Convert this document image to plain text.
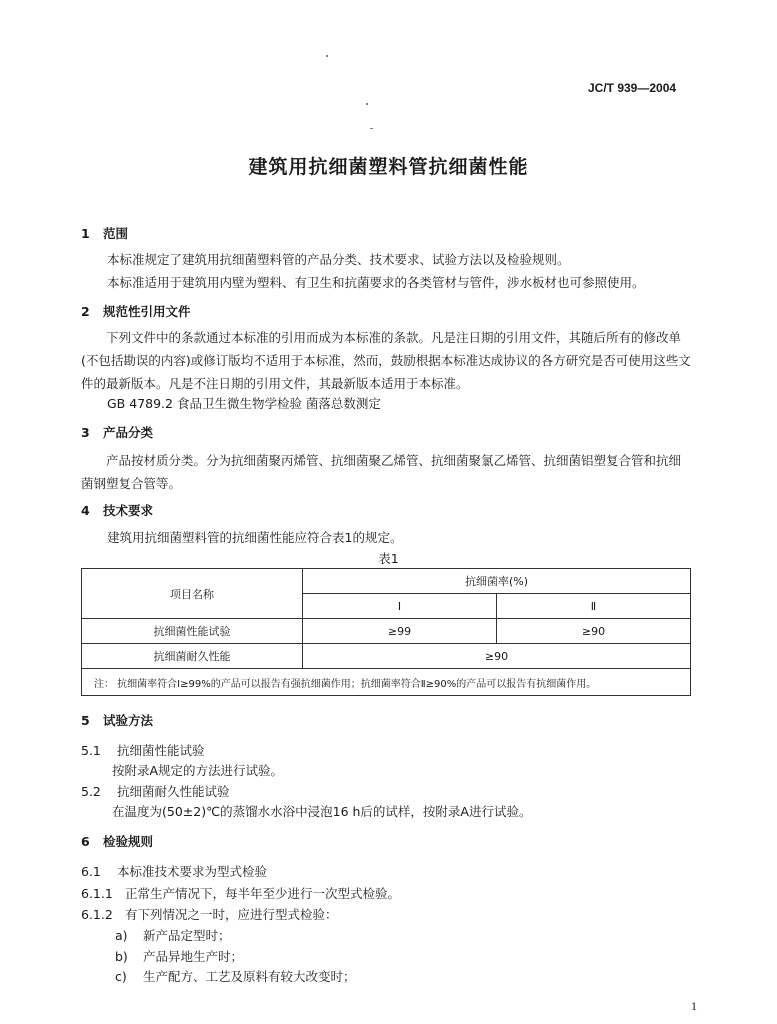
JC/T 939—2004
建筑用抗细菌塑料管抗细菌性能
1 范围
本标准规定了建筑用抗细菌塑料管的产品分类、技术要求、试验方法以及检验规则。
本标准适用于建筑用内壁为塑料、有卫生和抗菌要求的各类管材与管件，涉水板材也可参照使用。
2 规范性引用文件
下列文件中的条款通过本标准的引用而成为本标准的条款。凡是注日期的引用文件，其随后所有的修改单(不包括勘误的内容)或修订版均不适用于本标准，然而，鼓励根据本标准达成协议的各方研究是否可使用这些文件的最新版本。凡是不注日期的引用文件，其最新版本适用于本标准。
GB 4789.2 食品卫生微生物学检验 菌落总数测定
3 产品分类
产品按材质分类。分为抗细菌聚丙烯管、抗细菌聚乙烯管、抗细菌聚氯乙烯管、抗细菌铝塑复合管和抗细菌钢塑复合管等。
4 技术要求
建筑用抗细菌塑料管的抗细菌性能应符合表1的规定。
表1
项目名称	抗细菌率(%)	
	Ⅰ	Ⅱ
抗细菌性能试验	≥99	≥90
抗细菌耐久性能	≥90	
注： 抗细菌率符合Ⅰ≥99%的产品可以报告有强抗细菌作用；抗细菌率符合Ⅱ≥90%的产品可以报告有抗细菌作用。		
5 试验方法
5.1 抗细菌性能试验
按附录A规定的方法进行试验。
5.2 抗细菌耐久性能试验
在温度为(50±2)℃的蒸馏水水浴中浸泡16 h后的试样，按附录A进行试验。
6 检验规则
6.1 本标准技术要求为型式检验
6.1.1 正常生产情况下，每半年至少进行一次型式检验。
6.1.2 有下列情况之一时，应进行型式检验：
a) 新产品定型时；
b) 产品异地生产时；
c) 生产配方、工艺及原料有较大改变时；
1
